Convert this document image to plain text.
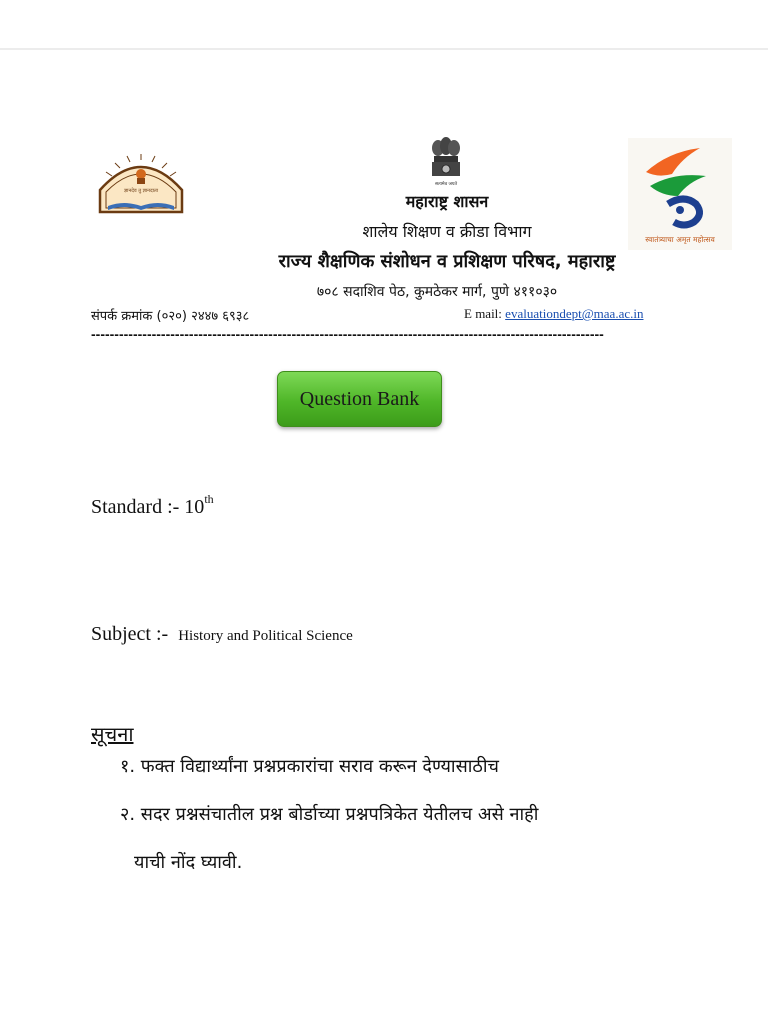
ज्ञानदेव तु ज्ञानदाता
सत्यमेव जयते
स्वातंत्र्याचा अमृत महोत्सव
महाराष्ट्र शासन
शालेय शिक्षण व क्रीडा विभाग
राज्य शैक्षणिक संशोधन व प्रशिक्षण परिषद, महाराष्ट्र
७०८ सदाशिव पेठ, कुमठेकर मार्ग, पुणे ४११०३०
संपर्क क्रमांक (०२०) २४४७ ६९३८	E mail: evaluationdept@maa.ac.in
--------------------------------------------------------------------------------------------------------------
Question Bank
Standard :- 10th
Subject :- History and Political Science
सूचना
१. फक्त विद्यार्थ्यांना प्रश्नप्रकारांचा सराव करून देण्यासाठीच
२. सदर प्रश्नसंचातील प्रश्न बोर्डाच्या प्रश्नपत्रिकेत येतीलच असे नाही
याची नोंद घ्यावी.
